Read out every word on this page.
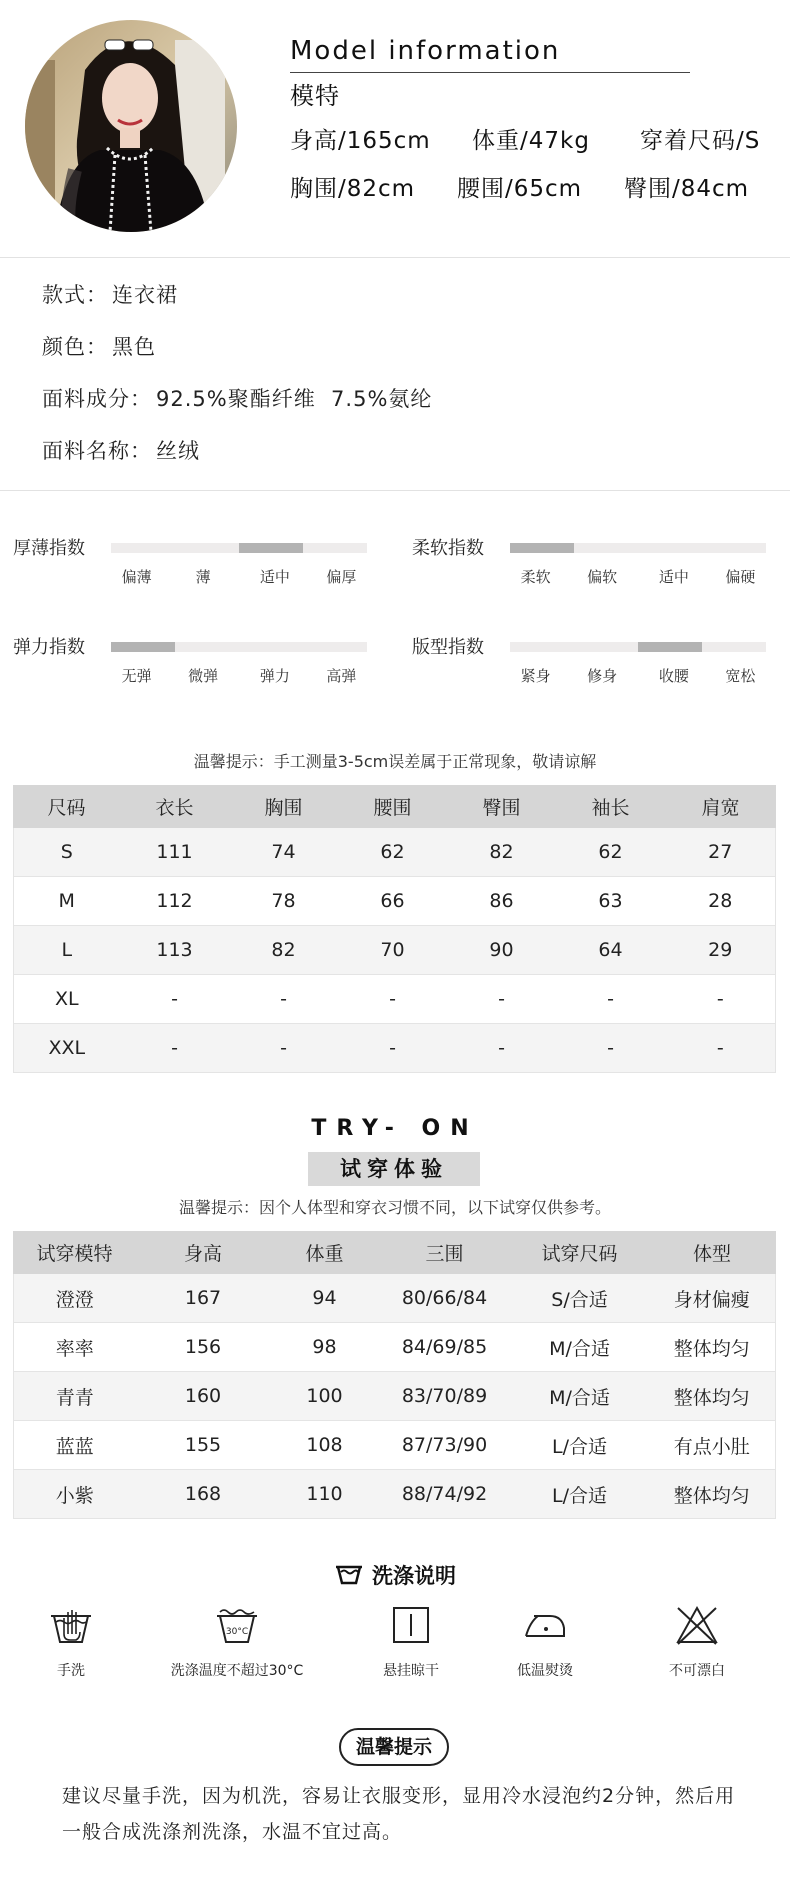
Model information
模特
身高/165cm 体重/47kg 穿着尺码/S
胸围/82cm 腰围/65cm 臀围/84cm
款式： 连衣裙
颜色： 黑色
面料成分： 92.5%聚酯纤维  7.5%氨纶
面料名称： 丝绒
厚薄指数
偏薄	薄	适中 偏厚
柔软指数
柔软 偏软	适中 偏硬
弹力指数
无弹 微弹	弹力 高弹
版型指数
紧身 修身	收腰 宽松
温馨提示：手工测量3-5cm误差属于正常现象，敬请谅解
尺码	衣长	胸围	腰围	臀围	袖长	肩宽
S	111	74	62	82	62	27
M	112	78	66	86	63	28
L	113	82	70	90	64	29
XL	-	-	-	-	-	-
XXL	-	-	-	-	-	-
TRY- ON
试穿体验
温馨提示：因个人体型和穿衣习惯不同，以下试穿仅供参考。
试穿模特	身高	体重	三围	试穿尺码	体型
澄澄	167	94	80/66/84	S/合适	身材偏瘦
率率	156	98	84/69/85	M/合适	整体均匀
青青	160	100	83/70/89	M/合适	整体均匀
蓝蓝	155	108	87/73/90	L/合适	有点小肚
小紫	168	110	88/74/92	L/合适	整体均匀
洗涤说明
手洗
30°C
洗涤温度不超过30°C	悬挂晾干	低温熨烫	不可漂白
温馨提示
建议尽量手洗，因为机洗，容易让衣服变形，显用冷水浸泡约2分钟，然后用一般合成洗涤剂洗涤，水温不宜过高。
